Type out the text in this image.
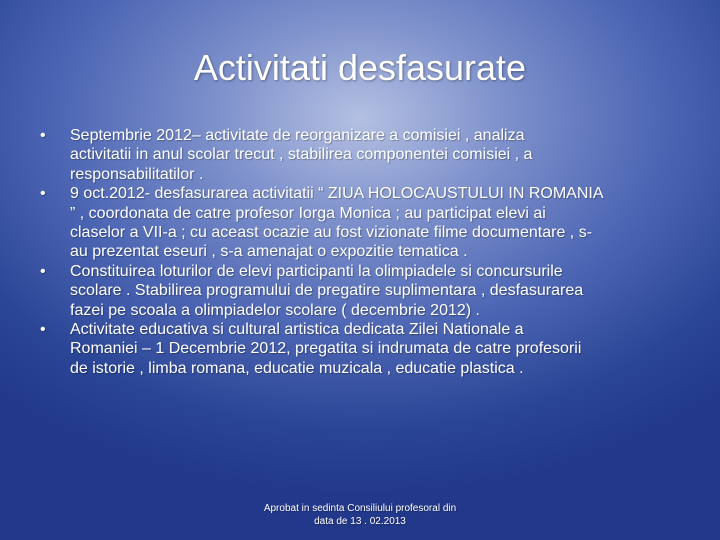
Activitati desfasurate
• Septembrie 2012– activitate de reorganizare a comisiei , analiza
activitatii in anul scolar trecut , stabilirea componentei comisiei , a
responsabilitatilor .
• 9 oct.2012- desfasurarea activitatii “ ZIUA HOLOCAUSTULUI IN ROMANIA
” , coordonata de catre profesor Iorga Monica ; au participat elevi ai
claselor a VII-a ; cu aceast ocazie au fost vizionate filme documentare , s-
au prezentat eseuri , s-a amenajat o expozitie tematica .
• Constituirea loturilor de elevi participanti la olimpiadele si concursurile
scolare . Stabilirea programului de pregatire suplimentara , desfasurarea
fazei pe scoala a olimpiadelor scolare ( decembrie 2012) .
• Activitate educativa si cultural artistica dedicata Zilei Nationale a
Romaniei – 1 Decembrie 2012, pregatita si indrumata de catre profesorii
de istorie , limba romana, educatie muzicala , educatie plastica .
Aprobat in sedinta Consiliului profesoral din
data de 13 . 02.2013
